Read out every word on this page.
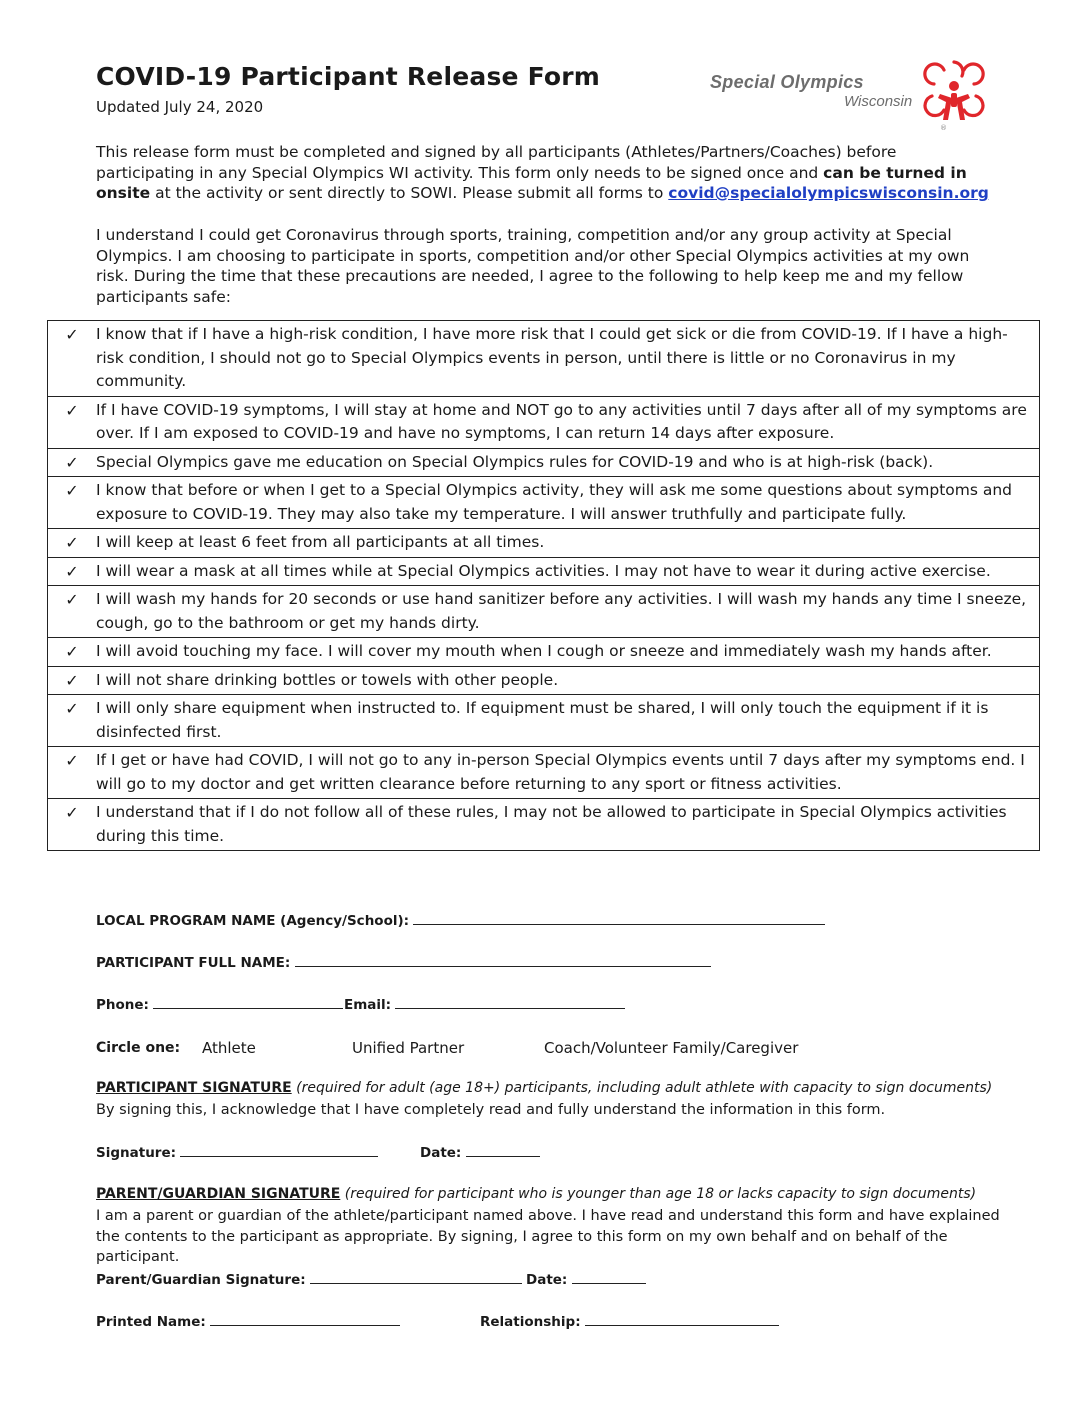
COVID-19 Participant Release Form
Updated July 24, 2020
Special Olympics
Wisconsin
®
This release form must be completed and signed by all participants (Athletes/Partners/Coaches) before participating in any Special Olympics WI activity. This form only needs to be signed once and can be turned in onsite at the activity or sent directly to SOWI. Please submit all forms to covid@specialolympicswisconsin.org
I understand I could get Coronavirus through sports, training, competition and/or any group activity at Special Olympics. I am choosing to participate in sports, competition and/or other Special Olympics activities at my own risk. During the time that these precautions are needed, I agree to the following to help keep me and my fellow participants safe:
✓	I know that if I have a high-risk condition, I have more risk that I could get sick or die from COVID-19. If I have a high-risk condition, I should not go to Special Olympics events in person, until there is little or no Coronavirus in my community.
✓	If I have COVID-19 symptoms, I will stay at home and NOT go to any activities until 7 days after all of my symptoms are over. If I am exposed to COVID-19 and have no symptoms, I can return 14 days after exposure.
✓	Special Olympics gave me education on Special Olympics rules for COVID-19 and who is at high-risk (back).
✓	I know that before or when I get to a Special Olympics activity, they will ask me some questions about symptoms and exposure to COVID-19. They may also take my temperature. I will answer truthfully and participate fully.
✓	I will keep at least 6 feet from all participants at all times.
✓	I will wear a mask at all times while at Special Olympics activities. I may not have to wear it during active exercise.
✓	I will wash my hands for 20 seconds or use hand sanitizer before any activities. I will wash my hands any time I sneeze, cough, go to the bathroom or get my hands dirty.
✓	I will avoid touching my face. I will cover my mouth when I cough or sneeze and immediately wash my hands after.
✓	I will not share drinking bottles or towels with other people.
✓	I will only share equipment when instructed to. If equipment must be shared, I will only touch the equipment if it is disinfected first.
✓	If I get or have had COVID, I will not go to any in-person Special Olympics events until 7 days after my symptoms end. I will go to my doctor and get written clearance before returning to any sport or fitness activities.
✓	I understand that if I do not follow all of these rules, I may not be allowed to participate in Special Olympics activities during this time.
LOCAL PROGRAM NAME (Agency/School):
PARTICIPANT FULL NAME:
Phone:	Email:
Circle one: Athlete	Unified Partner	Coach/Volunteer Family/Caregiver
PARTICIPANT SIGNATURE (required for adult (age 18+) participants, including adult athlete with capacity to sign documents)
By signing this, I acknowledge that I have completely read and fully understand the information in this form.
Signature:	Date:
PARENT/GUARDIAN SIGNATURE (required for participant who is younger than age 18 or lacks capacity to sign documents)
I am a parent or guardian of the athlete/participant named above. I have read and understand this form and have explained the contents to the participant as appropriate. By signing, I agree to this form on my own behalf and on behalf of the participant.
Parent/Guardian Signature:	Date:
Printed Name:	Relationship:
